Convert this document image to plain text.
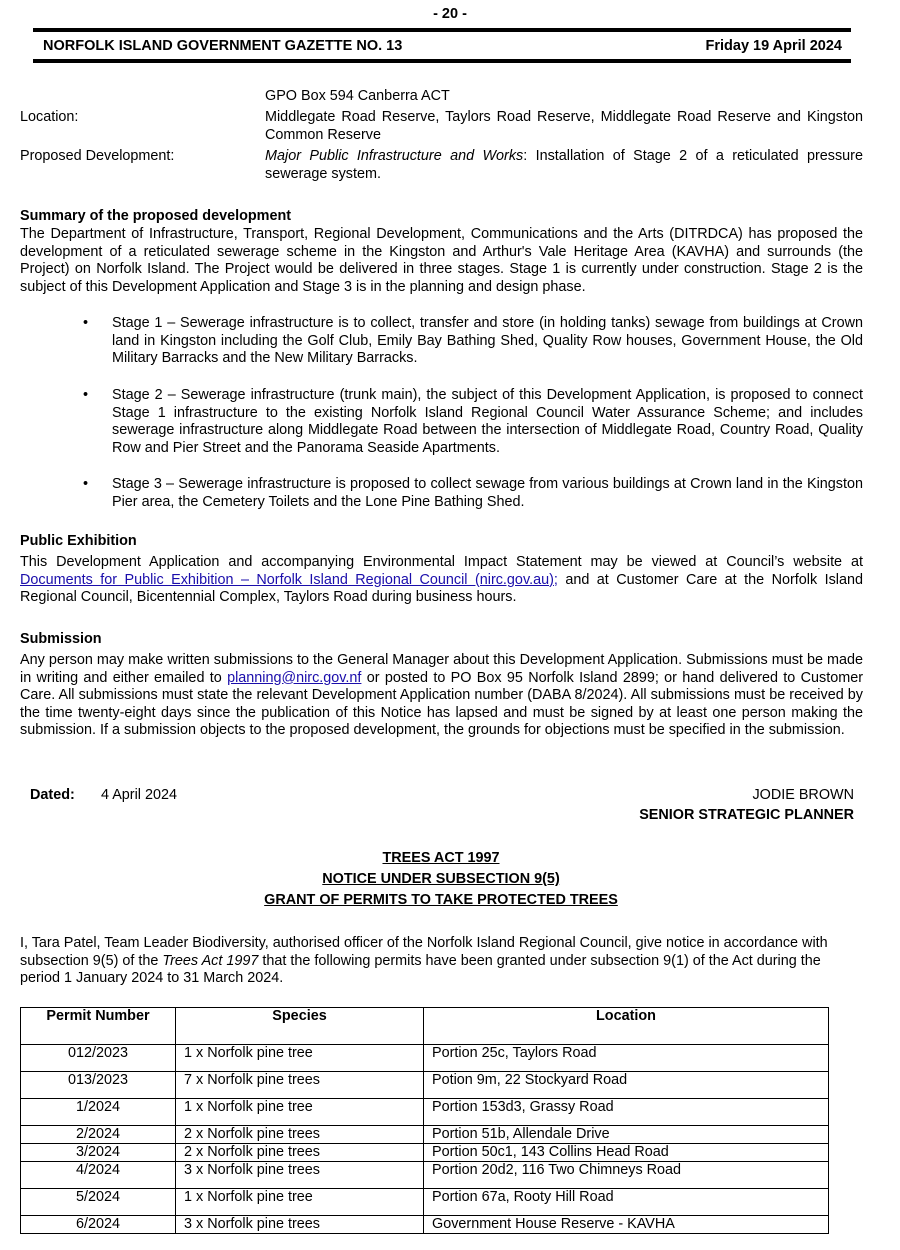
- 20 -
NORFOLK ISLAND GOVERNMENT GAZETTE NO. 13	Friday 19 April 2024
GPO Box 594 Canberra ACT
Location:	Middlegate Road Reserve, Taylors Road Reserve, Middlegate Road Reserve and Kingston Common Reserve
Proposed Development:	Major Public Infrastructure and Works: Installation of Stage 2 of a reticulated pressure sewerage system.
Summary of the proposed development
The Department of Infrastructure, Transport, Regional Development, Communications and the Arts (DITRDCA) has proposed the development of a reticulated sewerage scheme in the Kingston and Arthur's Vale Heritage Area (KAVHA) and surrounds (the Project) on Norfolk Island. The Project would be delivered in three stages. Stage 1 is currently under construction. Stage 2 is the subject of this Development Application and Stage 3 is in the planning and design phase.
• Stage 1 – Sewerage infrastructure is to collect, transfer and store (in holding tanks) sewage from buildings at Crown land in Kingston including the Golf Club, Emily Bay Bathing Shed, Quality Row houses, Government House, the Old Military Barracks and the New Military Barracks.
• Stage 2 – Sewerage infrastructure (trunk main), the subject of this Development Application, is proposed to connect Stage 1 infrastructure to the existing Norfolk Island Regional Council Water Assurance Scheme; and includes sewerage infrastructure along Middlegate Road between the intersection of Middlegate Road, Country Road, Quality Row and Pier Street and the Panorama Seaside Apartments.
• Stage 3 – Sewerage infrastructure is proposed to collect sewage from various buildings at Crown land in the Kingston Pier area, the Cemetery Toilets and the Lone Pine Bathing Shed.
Public Exhibition
This Development Application and accompanying Environmental Impact Statement may be viewed at Council’s website at Documents for Public Exhibition – Norfolk Island Regional Council (nirc.gov.au); and at Customer Care at the Norfolk Island Regional Council, Bicentennial Complex, Taylors Road during business hours.
Submission
Any person may make written submissions to the General Manager about this Development Application. Submissions must be made in writing and either emailed to planning@nirc.gov.nf or posted to PO Box 95 Norfolk Island 2899; or hand delivered to Customer Care. All submissions must state the relevant Development Application number (DABA 8/2024). All submissions must be received by the time twenty-eight days since the publication of this Notice has lapsed and must be signed by at least one person making the submission. If a submission objects to the proposed development, the grounds for objections must be specified in the submission.
Dated: 4 April 2024	JODIE BROWN
SENIOR STRATEGIC PLANNER
TREES ACT 1997
NOTICE UNDER SUBSECTION 9(5)
GRANT OF PERMITS TO TAKE PROTECTED TREES
I, Tara Patel, Team Leader Biodiversity, authorised officer of the Norfolk Island Regional Council, give notice in accordance with subsection 9(5) of the Trees Act 1997 that the following permits have been granted under subsection 9(1) of the Act during the period 1 January 2024 to 31 March 2024.
Permit Number	Species	Location
012/2023	1 x Norfolk pine tree	Portion 25c, Taylors Road
013/2023	7 x Norfolk pine trees	Potion 9m, 22 Stockyard Road
1/2024	1 x Norfolk pine tree	Portion 153d3, Grassy Road
2/2024	2 x Norfolk pine trees	Portion 51b, Allendale Drive
3/2024	2 x Norfolk pine trees	Portion 50c1, 143 Collins Head Road
4/2024	3 x Norfolk pine trees	Portion 20d2, 116 Two Chimneys Road
5/2024	1 x Norfolk pine tree	Portion 67a, Rooty Hill Road
6/2024	3 x Norfolk pine trees	Government House Reserve - KAVHA
